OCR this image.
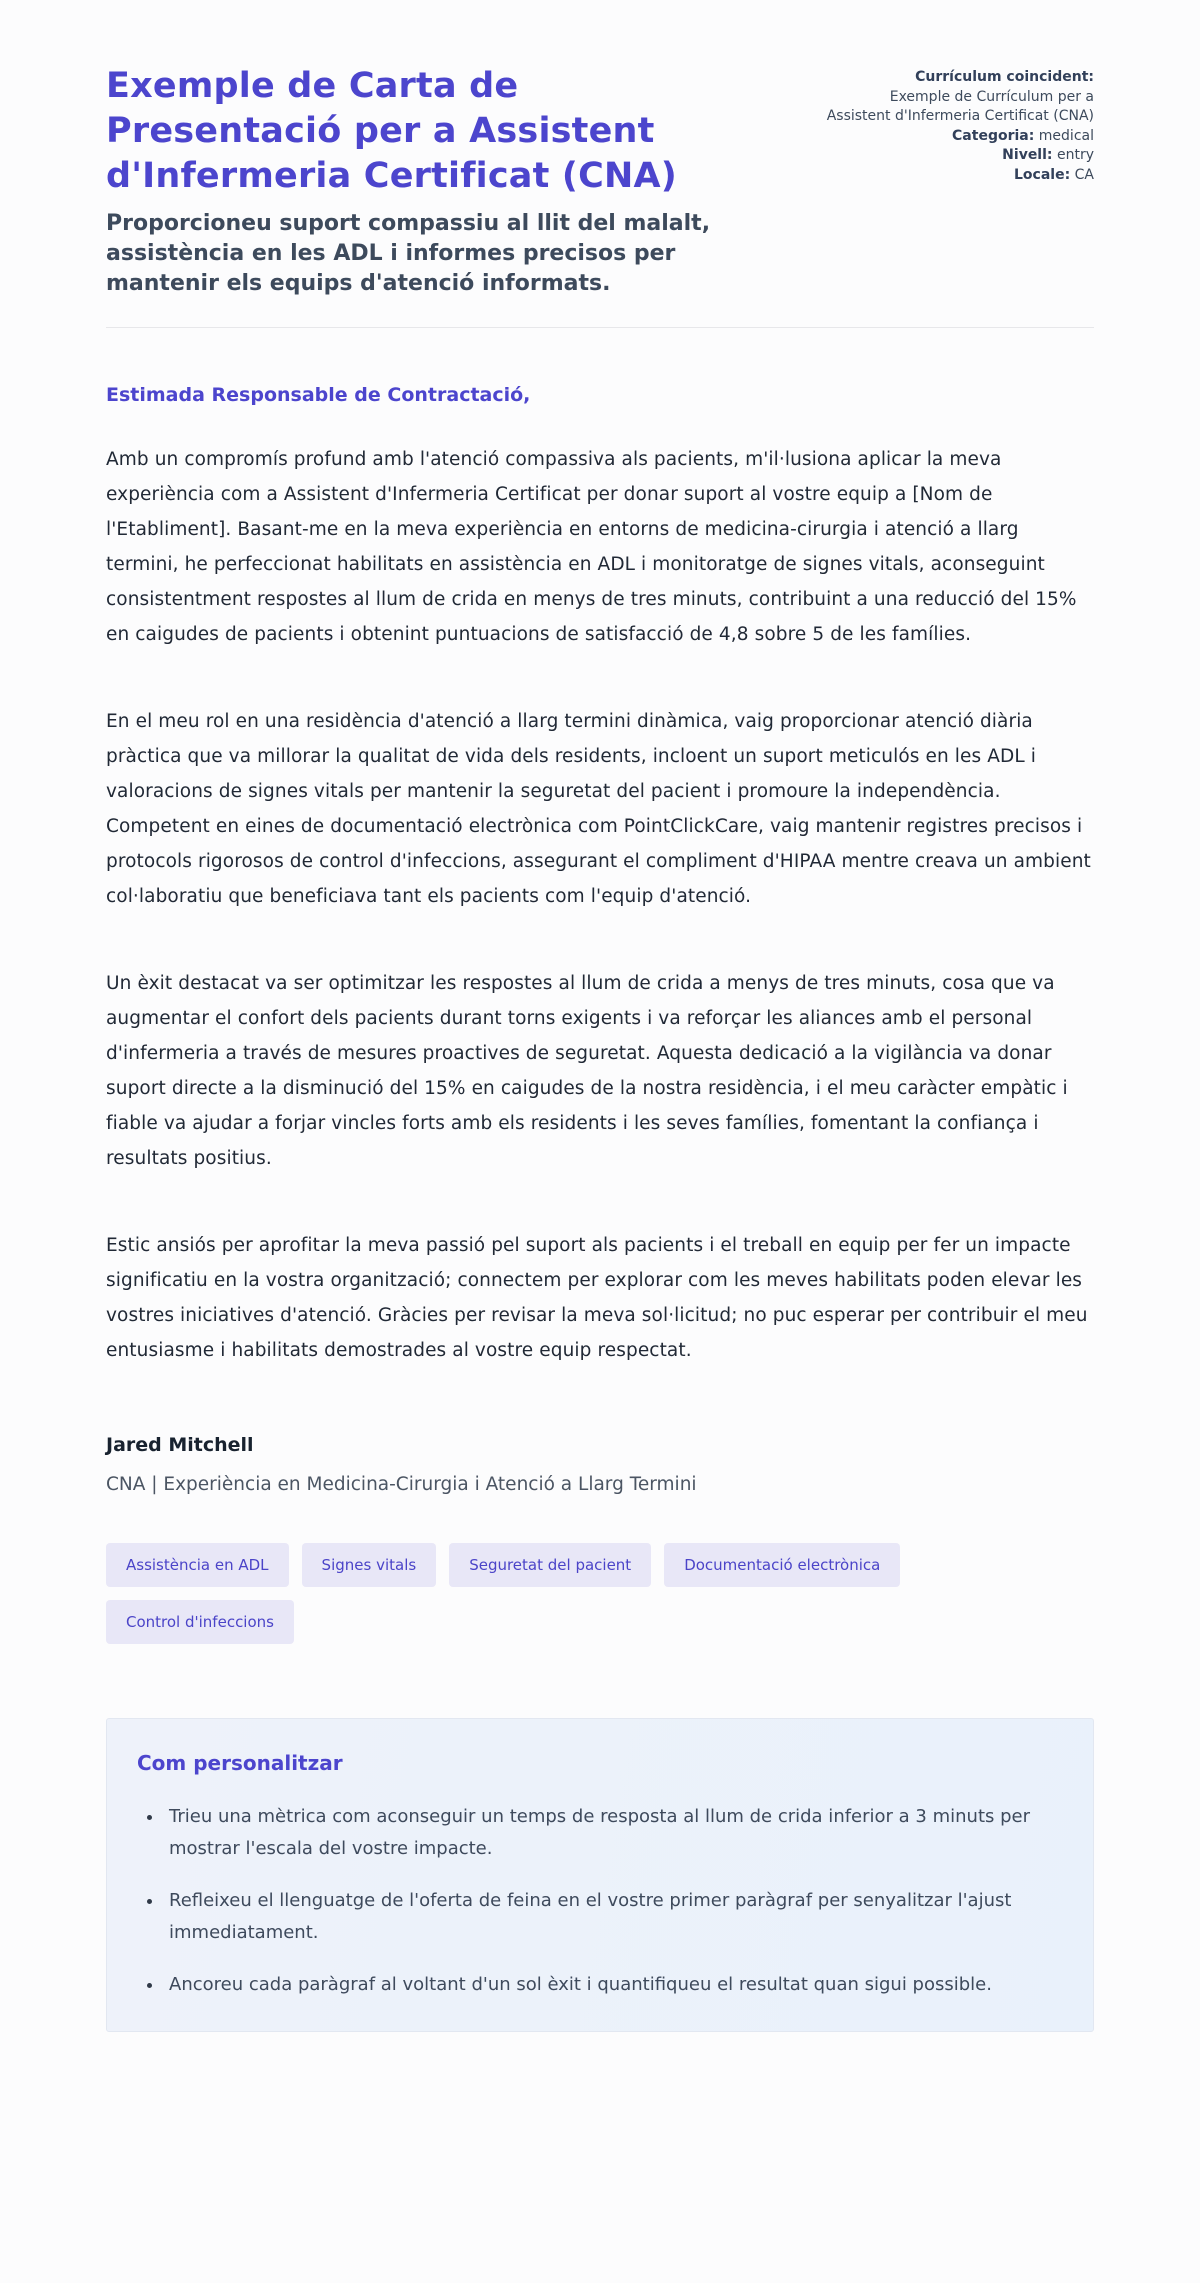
Exemple de Carta de Presentació per a Assistent d'Infermeria Certificat (CNA)

Proporcioneu suport compassiu al llit del malalt, assistència en les ADL i informes precisos per mantenir els equips d'atenció informats.

Currículum coincident:
Exemple de Currículum per a Assistent d'Infermeria Certificat (CNA)
Categoria: medical
Nivell: entry
Locale: CA

Estimada Responsable de Contractació,

Amb un compromís profund amb l'atenció compassiva als pacients, m'il·lusiona aplicar la meva experiència com a Assistent d'Infermeria Certificat per donar suport al vostre equip a [Nom de l'Etabliment]. Basant-me en la meva experiència en entorns de medicina-cirurgia i atenció a llarg termini, he perfeccionat habilitats en assistència en ADL i monitoratge de signes vitals, aconseguint consistentment respostes al llum de crida en menys de tres minuts, contribuint a una reducció del 15% en caigudes de pacients i obtenint puntuacions de satisfacció de 4,8 sobre 5 de les famílies.

En el meu rol en una residència d'atenció a llarg termini dinàmica, vaig proporcionar atenció diària pràctica que va millorar la qualitat de vida dels residents, incloent un suport meticulós en les ADL i valoracions de signes vitals per mantenir la seguretat del pacient i promoure la independència. Competent en eines de documentació electrònica com PointClickCare, vaig mantenir registres precisos i protocols rigorosos de control d'infeccions, assegurant el compliment d'HIPAA mentre creava un ambient col·laboratiu que beneficiava tant els pacients com l'equip d'atenció.

Un èxit destacat va ser optimitzar les respostes al llum de crida a menys de tres minuts, cosa que va augmentar el confort dels pacients durant torns exigents i va reforçar les aliances amb el personal d'infermeria a través de mesures proactives de seguretat. Aquesta dedicació a la vigilància va donar suport directe a la disminució del 15% en caigudes de la nostra residència, i el meu caràcter empàtic i fiable va ajudar a forjar vincles forts amb els residents i les seves famílies, fomentant la confiança i resultats positius.

Estic ansiós per aprofitar la meva passió pel suport als pacients i el treball en equip per fer un impacte significatiu en la vostra organització; connectem per explorar com les meves habilitats poden elevar les vostres iniciatives d'atenció. Gràcies per revisar la meva sol·licitud; no puc esperar per contribuir el meu entusiasme i habilitats demostrades al vostre equip respectat.

Jared Mitchell

CNA | Experiència en Medicina-Cirurgia i Atenció a Llarg Termini

Assistència en ADL	Signes vitals	Seguretat del pacient	Documentació electrònica
Control d'infeccions
Com personalitzar
• Trieu una mètrica com aconseguir un temps de resposta al llum de crida inferior a 3 minuts per mostrar l'escala del vostre impacte.
• Refleixeu el llenguatge de l'oferta de feina en el vostre primer paràgraf per senyalitzar l'ajust immediatament.
• Ancoreu cada paràgraf al voltant d'un sol èxit i quantifiqueu el resultat quan sigui possible.
